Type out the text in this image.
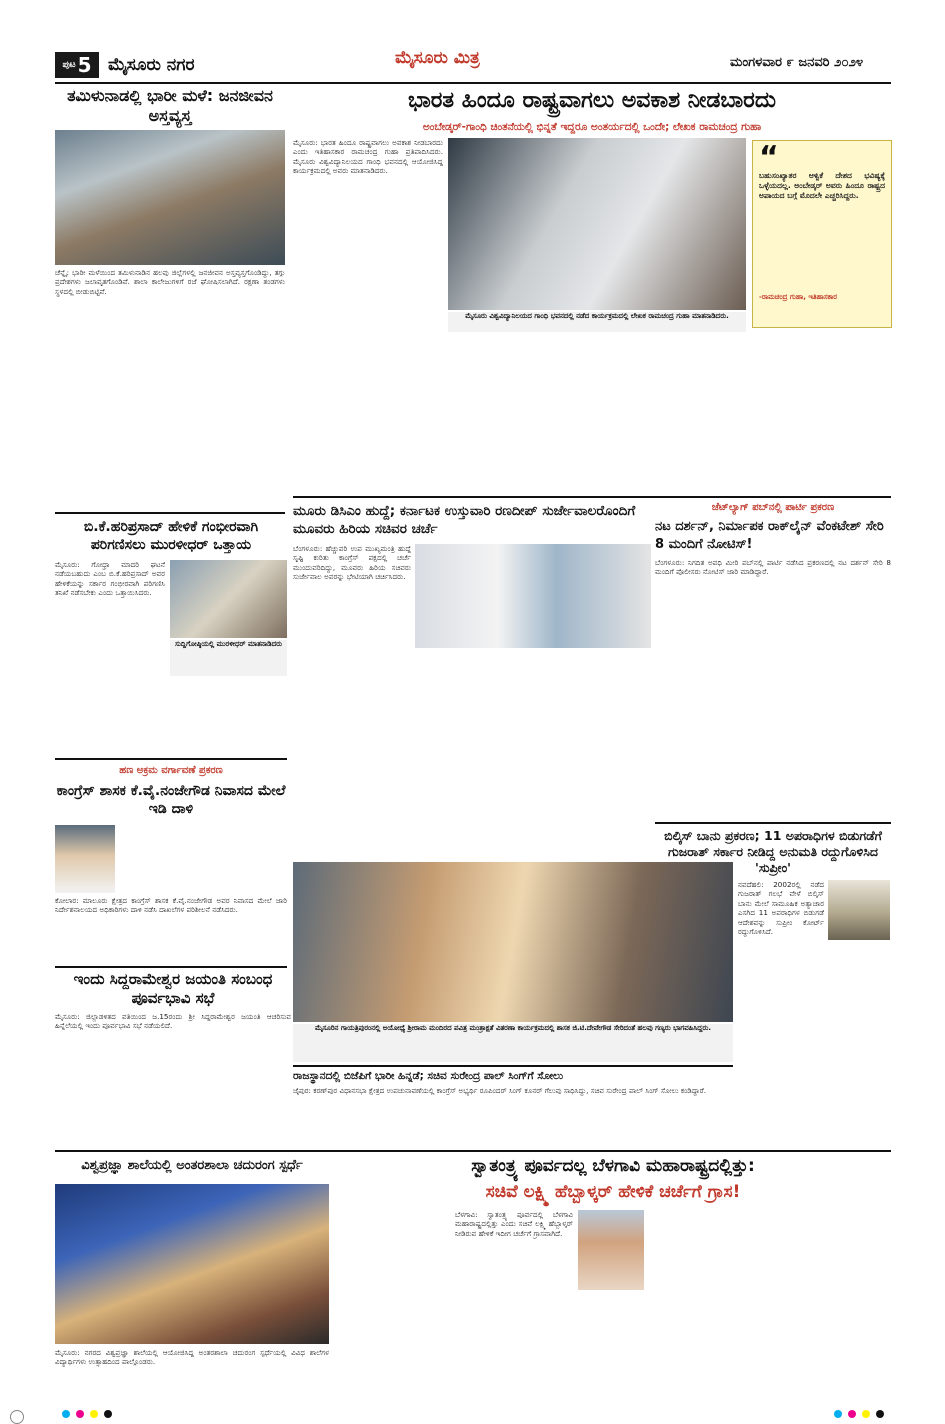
$^{ಪುಟ}$ 5 ಮೈಸೂರು ನಗರ	ಮೈಸೂರು ಮಿತ್ರ	ಮಂಗಳವಾರ ೯ ಜನವರಿ ೨೦೨೪
ತಮಿಳುನಾಡಲ್ಲಿ ಭಾರೀ ಮಳೆ: ಜನಜೀವನ ಅಸ್ತವ್ಯಸ್ತ
ಚೆನ್ನೈ: ಭಾರೀ ಮಳೆಯಿಂದ ತಮಿಳುನಾಡಿನ ಹಲವು ಜಿಲ್ಲೆಗಳಲ್ಲಿ ಜನಜೀವನ ಅಸ್ತವ್ಯಸ್ತಗೊಂಡಿದ್ದು, ತಗ್ಗು ಪ್ರದೇಶಗಳು ಜಲಾವೃತಗೊಂಡಿವೆ. ಶಾಲಾ ಕಾಲೇಜುಗಳಿಗೆ ರಜೆ ಘೋಷಿಸಲಾಗಿದೆ. ರಕ್ಷಣಾ ತಂಡಗಳು ಸ್ಥಳದಲ್ಲಿ ಬೀಡುಬಿಟ್ಟಿವೆ.
ಬಿ.ಕೆ.ಹರಿಪ್ರಸಾದ್ ಹೇಳಿಕೆ ಗಂಭೀರವಾಗಿ ಪರಿಗಣಿಸಲು ಮುರಳೀಧರ್ ಒತ್ತಾಯ
ಮೈಸೂರು: ಗೋಧ್ರಾ ಮಾದರಿ ಘಟನೆ ನಡೆಯಬಹುದು ಎಂಬ ಬಿ.ಕೆ.ಹರಿಪ್ರಸಾದ್ ಅವರ ಹೇಳಿಕೆಯನ್ನು ಸರ್ಕಾರ ಗಂಭೀರವಾಗಿ ಪರಿಗಣಿಸಿ ತನಿಖೆ ನಡೆಸಬೇಕು ಎಂದು ಒತ್ತಾಯಿಸಿದರು.
ಸುದ್ದಿಗೋಷ್ಠಿಯಲ್ಲಿ ಮುರಳೀಧರ್ ಮಾತನಾಡಿದರು
ಹಣ ಅಕ್ರಮ ವರ್ಗಾವಣೆ ಪ್ರಕರಣ
ಕಾಂಗ್ರೆಸ್ ಶಾಸಕ ಕೆ.ವೈ.ನಂಜೇಗೌಡ ನಿವಾಸದ ಮೇಲೆ ಇಡಿ ದಾಳಿ
ಕೋಲಾರ: ಮಾಲೂರು ಕ್ಷೇತ್ರದ ಕಾಂಗ್ರೆಸ್ ಶಾಸಕ ಕೆ.ವೈ.ನಂಜೇಗೌಡ ಅವರ ನಿವಾಸದ ಮೇಲೆ ಜಾರಿ ನಿರ್ದೇಶನಾಲಯದ ಅಧಿಕಾರಿಗಳು ದಾಳಿ ನಡೆಸಿ ದಾಖಲೆಗಳ ಪರಿಶೀಲನೆ ನಡೆಸಿದರು.
ಇಂದು ಸಿದ್ದರಾಮೇಶ್ವರ ಜಯಂತಿ ಸಂಬಂಧ ಪೂರ್ವಭಾವಿ ಸಭೆ
ಮೈಸೂರು: ಜಿಲ್ಲಾಡಳಿತದ ವತಿಯಿಂದ ಜ.15ರಂದು ಶ್ರೀ ಸಿದ್ದರಾಮೇಶ್ವರ ಜಯಂತಿ ಆಚರಿಸುವ ಹಿನ್ನೆಲೆಯಲ್ಲಿ ಇಂದು ಪೂರ್ವಭಾವಿ ಸಭೆ ನಡೆಯಲಿದೆ.
ಭಾರತ ಹಿಂದೂ ರಾಷ್ಟ್ರವಾಗಲು ಅವಕಾಶ ನೀಡಬಾರದು
ಅಂಬೇಡ್ಕರ್-ಗಾಂಧಿ ಚಿಂತನೆಯಲ್ಲಿ ಭಿನ್ನತೆ ಇದ್ದರೂ ಅಂತರ್ಯದಲ್ಲಿ ಒಂದೇ; ಲೇಖಕ ರಾಮಚಂದ್ರ ಗುಹಾ
ಮೈಸೂರು: ಭಾರತ ಹಿಂದೂ ರಾಷ್ಟ್ರವಾಗಲು ಅವಕಾಶ ನೀಡಬಾರದು ಎಂದು ಇತಿಹಾಸಕಾರ ರಾಮಚಂದ್ರ ಗುಹಾ ಪ್ರತಿಪಾದಿಸಿದರು. ಮೈಸೂರು ವಿಶ್ವವಿದ್ಯಾನಿಲಯದ ಗಾಂಧಿ ಭವನದಲ್ಲಿ ಆಯೋಜಿಸಿದ್ದ ಕಾರ್ಯಕ್ರಮದಲ್ಲಿ ಅವರು ಮಾತನಾಡಿದರು.
ಮೈಸೂರು ವಿಶ್ವವಿದ್ಯಾನಿಲಯದ ಗಾಂಧಿ ಭವನದಲ್ಲಿ ನಡೆದ ಕಾರ್ಯಕ್ರಮದಲ್ಲಿ ಲೇಖಕ ರಾಮಚಂದ್ರ ಗುಹಾ ಮಾತನಾಡಿದರು.
“
ಬಹುಸಂಖ್ಯಾತರ ಆಳ್ವಿಕೆ ದೇಶದ ಭವಿಷ್ಯಕ್ಕೆ ಒಳ್ಳೆಯದಲ್ಲ. ಅಂಬೇಡ್ಕರ್ ಅವರು ಹಿಂದೂ ರಾಷ್ಟ್ರದ ಅಪಾಯದ ಬಗ್ಗೆ ಮೊದಲೇ ಎಚ್ಚರಿಸಿದ್ದರು.
-ರಾಮಚಂದ್ರ ಗುಹಾ, ಇತಿಹಾಸಕಾರ
ಮೂರು ಡಿಸಿಎಂ ಹುದ್ದೆ; ಕರ್ನಾಟಕ ಉಸ್ತುವಾರಿ ರಣದೀಪ್ ಸುರ್ಜೇವಾಲರೊಂದಿಗೆ ಮೂವರು ಹಿರಿಯ ಸಚಿವರ ಚರ್ಚೆ
ಬೆಂಗಳೂರು: ಹೆಚ್ಚುವರಿ ಉಪ ಮುಖ್ಯಮಂತ್ರಿ ಹುದ್ದೆ ಸೃಷ್ಟಿ ಕುರಿತು ಕಾಂಗ್ರೆಸ್ ಪಕ್ಷದಲ್ಲಿ ಚರ್ಚೆ ಮುಂದುವರಿದಿದ್ದು, ಮೂವರು ಹಿರಿಯ ಸಚಿವರು ಸುರ್ಜೇವಾಲ ಅವರನ್ನು ಭೇಟಿಯಾಗಿ ಚರ್ಚಿಸಿದರು.
ಮೈಸೂರಿನ ಗಾಯತ್ರಿಪುರಂನಲ್ಲಿ ಅಯೋಧ್ಯೆ ಶ್ರೀರಾಮ ಮಂದಿರದ ಪವಿತ್ರ ಮಂತ್ರಾಕ್ಷತೆ ವಿತರಣಾ ಕಾರ್ಯಕ್ರಮದಲ್ಲಿ ಶಾಸಕ ಜಿ.ಟಿ.ದೇವೇಗೌಡ ಸೇರಿದಂತೆ ಹಲವು ಗಣ್ಯರು ಭಾಗವಹಿಸಿದ್ದರು.
ರಾಜಸ್ಥಾನದಲ್ಲಿ ಬಿಜೆಪಿಗೆ ಭಾರೀ ಹಿನ್ನಡೆ; ಸಚಿವ ಸುರೇಂದ್ರ ಪಾಲ್ ಸಿಂಗ್‌ಗೆ ಸೋಲು
ಜೈಪುರ: ಕರಣ್‌ಪುರ ವಿಧಾನಸಭಾ ಕ್ಷೇತ್ರದ ಉಪಚುನಾವಣೆಯಲ್ಲಿ ಕಾಂಗ್ರೆಸ್ ಅಭ್ಯರ್ಥಿ ರೂಪಿಂದರ್ ಸಿಂಗ್ ಕೂನರ್ ಗೆಲುವು ಸಾಧಿಸಿದ್ದು, ಸಚಿವ ಸುರೇಂದ್ರ ಪಾಲ್ ಸಿಂಗ್ ಸೋಲು ಕಂಡಿದ್ದಾರೆ.
ಜೆಟ್‌ಲ್ಯಾಗ್ ಪಬ್‌ನಲ್ಲಿ ಪಾರ್ಟಿ ಪ್ರಕರಣ
ನಟ ದರ್ಶನ್, ನಿರ್ಮಾಪಕ ರಾಕ್‌ಲೈನ್ ವೆಂಕಟೇಶ್ ಸೇರಿ 8 ಮಂದಿಗೆ ನೋಟಿಸ್!
ಬೆಂಗಳೂರು: ನಿಗದಿತ ಅವಧಿ ಮೀರಿ ಪಬ್‌ನಲ್ಲಿ ಪಾರ್ಟಿ ನಡೆಸಿದ ಪ್ರಕರಣದಲ್ಲಿ ನಟ ದರ್ಶನ್ ಸೇರಿ 8 ಮಂದಿಗೆ ಪೊಲೀಸರು ನೋಟಿಸ್ ಜಾರಿ ಮಾಡಿದ್ದಾರೆ.
ಬಿಲ್ಕಿಸ್ ಬಾನು ಪ್ರಕರಣ; 11 ಅಪರಾಧಿಗಳ ಬಿಡುಗಡೆಗೆ ಗುಜರಾತ್ ಸರ್ಕಾರ ನೀಡಿದ್ದ ಅನುಮತಿ ರದ್ದುಗೊಳಿಸಿದ 'ಸುಪ್ರೀಂ'
ನವದೆಹಲಿ: 2002ರಲ್ಲಿ ನಡೆದ ಗುಜರಾತ್ ಗಲಭೆ ವೇಳೆ ಬಿಲ್ಕಿಸ್ ಬಾನು ಮೇಲೆ ಸಾಮೂಹಿಕ ಅತ್ಯಾಚಾರ ಎಸಗಿದ 11 ಅಪರಾಧಿಗಳ ಬಿಡುಗಡೆ ಆದೇಶವನ್ನು ಸುಪ್ರೀಂ ಕೋರ್ಟ್ ರದ್ದುಗೊಳಿಸಿದೆ.
ವಿಶ್ವಪ್ರಜ್ಞಾ ಶಾಲೆಯಲ್ಲಿ ಅಂತರಶಾಲಾ ಚದುರಂಗ ಸ್ಪರ್ಧೆ
ಮೈಸೂರು: ನಗರದ ವಿಶ್ವಪ್ರಜ್ಞಾ ಶಾಲೆಯಲ್ಲಿ ಆಯೋಜಿಸಿದ್ದ ಅಂತರಶಾಲಾ ಚದುರಂಗ ಸ್ಪರ್ಧೆಯಲ್ಲಿ ವಿವಿಧ ಶಾಲೆಗಳ ವಿದ್ಯಾರ್ಥಿಗಳು ಉತ್ಸಾಹದಿಂದ ಪಾಲ್ಗೊಂಡರು.
ಸ್ವಾತಂತ್ರ್ಯ ಪೂರ್ವದಲ್ಲ ಬೆಳಗಾವಿ ಮಹಾರಾಷ್ಟ್ರದಲ್ಲಿತ್ತು:
ಸಚಿವೆ ಲಕ್ಷ್ಮಿ ಹೆಬ್ಬಾಳ್ಕರ್ ಹೇಳಿಕೆ ಚರ್ಚೆಗೆ ಗ್ರಾಸ!
ಬೆಳಗಾವಿ: ಸ್ವಾತಂತ್ರ್ಯ ಪೂರ್ವದಲ್ಲಿ ಬೆಳಗಾವಿ ಮಹಾರಾಷ್ಟ್ರದಲ್ಲಿತ್ತು ಎಂದು ಸಚಿವೆ ಲಕ್ಷ್ಮಿ ಹೆಬ್ಬಾಳ್ಕರ್ ನೀಡಿರುವ ಹೇಳಿಕೆ ಇದೀಗ ಚರ್ಚೆಗೆ ಗ್ರಾಸವಾಗಿದೆ.
